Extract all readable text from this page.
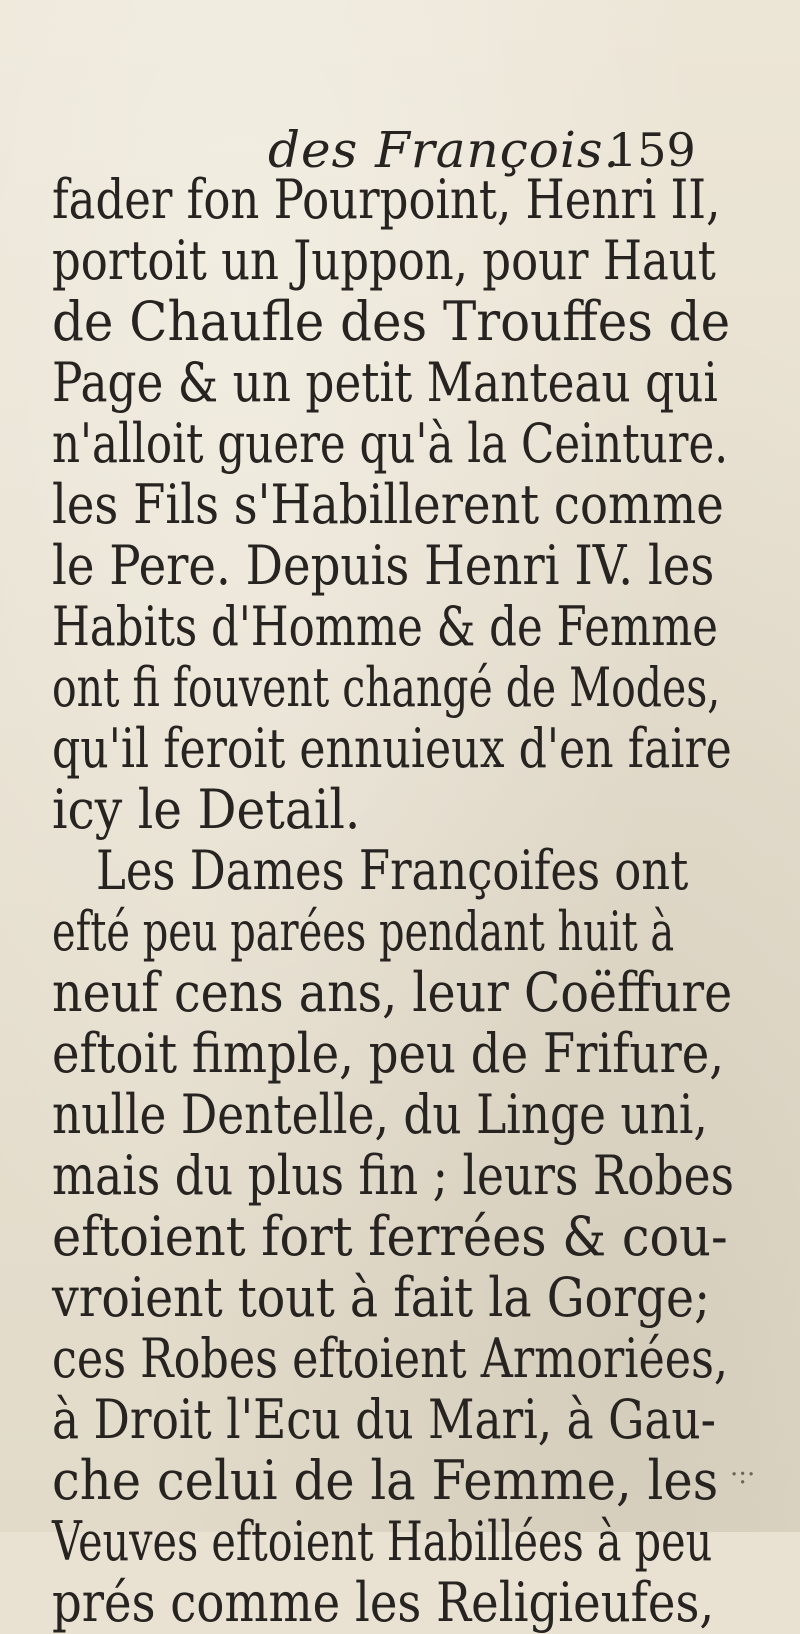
des François.
159
fader fon Pourpoint, Henri II,
portoit un Juppon, pour Haut
de Chaufle des Trouffes de
Page & un petit Manteau qui
n'alloit guere qu'à la Ceinture.
les Fils s'Habillerent comme
le Pere. Depuis Henri IV. les
Habits d'Homme & de Femme
ont fi fouvent changé de Modes,
qu'il feroit ennuieux d'en faire
icy le Detail.
Les Dames Françoifes ont
efté peu parées pendant huit à
neuf cens ans, leur Coëffure
eftoit fimple, peu de Frifure,
nulle Dentelle, du Linge uni,
mais du plus fin ; leurs Robes
eftoient fort ferrées & cou-
vroient tout à fait la Gorge;
ces Robes eftoient Armoriées,
à Droit l'Ecu du Mari, à Gau-
che celui de la Femme, les
Veuves eftoient Habillées à peu
prés comme les Religieufes,
·:·
